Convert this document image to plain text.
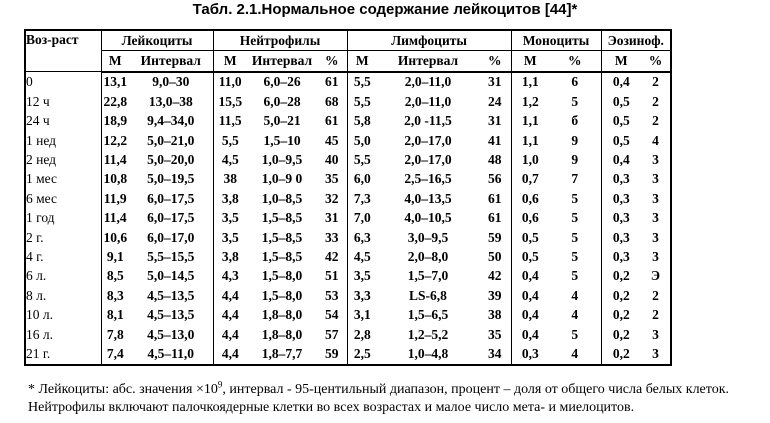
Табл. 2.1.Нормальное содержание лейкоцитов [44]*
Воз-раст	Лейкоциты		Нейтрофилы			Лимфоциты			Моноциты		Эозиноф.	
	М	Интервал	М	Интервал	%	М	Интервал	%	М	%	М	%
0	13,1	9,0–30	11,0	6,0–26	61	5,5	2,0–11,0	31	1,1	6	0,4	2
12 ч	22,8	13,0–38	15,5	6,0–28	68	5,5	2,0–11,0	24	1,2	5	0,5	2
24 ч	18,9	9,4–34,0	11,5	5,0–21	61	5,8	2,0 -11,5	31	1,1	б	0,5	2
1 нед	12,2	5,0–21,0	5,5	1,5–10	45	5,0	2,0–17,0	41	1,1	9	0,5	4
2 нед	11,4	5,0–20,0	4,5	1,0–9,5	40	5,5	2,0–17,0	48	1,0	9	0,4	3
1 мес	10,8	5,0–19,5	38	1,0–9 0	35	6,0	2,5–16,5	56	0,7	7	0,3	3
6 мес	11,9	6,0–17,5	3,8	1,0–8,5	32	7,3	4,0–13,5	61	0,6	5	0,3	3
1 год	11,4	6,0–17,5	3,5	1,5–8,5	31	7,0	4,0–10,5	61	0,6	5	0,3	3
2 г.	10,6	6,0–17,0	3,5	1,5–8,5	33	6,3	3,0–9,5	59	0,5	5	0,3	3
4 г.	9,1	5,5–15,5	3,8	1,5–8,5	42	4,5	2,0–8,0	50	0,5	5	0,3	3
6 л.	8,5	5,0–14,5	4,3	1,5–8,0	51	3,5	1,5–7,0	42	0,4	5	0,2	Э
8 л.	8,3	4,5–13,5	4,4	1,5–8,0	53	3,3	LS-6,8	39	0,4	4	0,2	2
10 л.	8,1	4,5–13,5	4,4	1,8–8,0	54	3,1	1,5–6,5	38	0,4	4	0,2	2
16 л.	7,8	4,5–13,0	4,4	1,8–8,0	57	2,8	1,2–5,2	35	0,4	5	0,2	3
21 г.	7,4	4,5–11,0	4,4	1,8–7,7	59	2,5	1,0–4,8	34	0,3	4	0,2	3
* Лейкоциты: абс. значения $\times 10^9$, интервал - 95-центильный диапазон, процент – доля от общего числа белых клеток. Нейтрофилы включают палочкоядерные клетки во всех возрастах и малое число мета- и миелоцитов.
